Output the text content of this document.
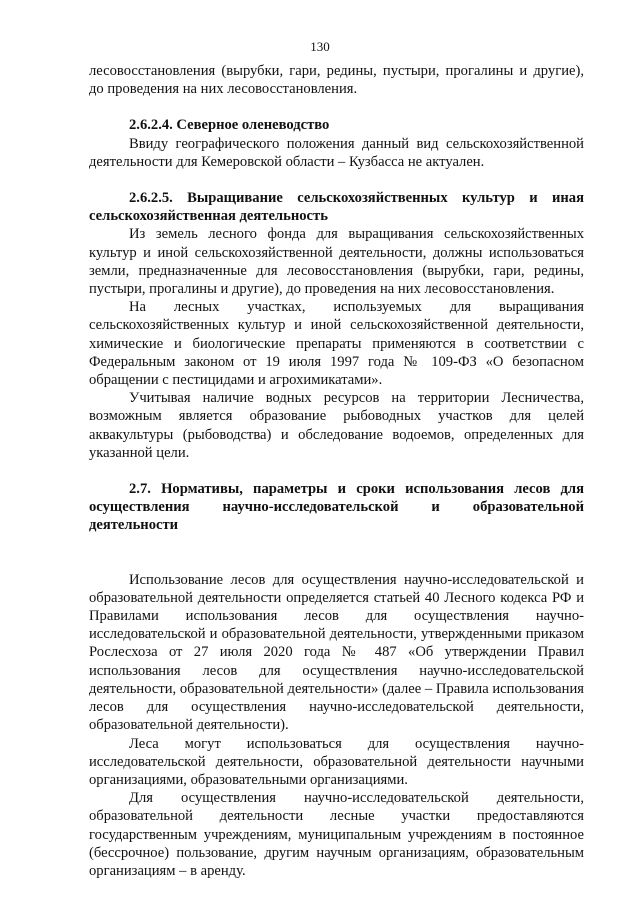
130

лесовосстановления (вырубки, гари, редины, пустыри, прогалины и другие), до проведения на них лесовосстановления.

2.6.2.4. Северное оленеводство

Ввиду географического положения данный вид сельскохозяйственной деятельности для Кемеровской области – Кузбасса не актуален.

2.6.2.5. Выращивание сельскохозяйственных культур и иная сельскохозяйственная деятельность

Из земель лесного фонда для выращивания сельскохозяйственных культур и иной сельскохозяйственной деятельности, должны использоваться земли, предназначенные для лесовосстановления (вырубки, гари, редины, пустыри, прогалины и другие), до проведения на них лесовосстановления.

На лесных участках, используемых для выращивания сельскохозяйственных культур и иной сельскохозяйственной деятельности, химические и биологические препараты применяются в соответствии с Федеральным законом от 19 июля 1997 года № 109-ФЗ «О безопасном обращении с пестицидами и агрохимикатами».

Учитывая наличие водных ресурсов на территории Лесничества, возможным является образование рыбоводных участков для целей аквакультуры (рыбоводства) и обследование водоемов, определенных для указанной цели.

2.7. Нормативы, параметры и сроки использования лесов для осуществления научно-исследовательской и образовательной деятельности

Использование лесов для осуществления научно-исследовательской и образовательной деятельности определяется статьей 40 Лесного кодекса РФ и Правилами использования лесов для осуществления научно-исследовательской и образовательной деятельности, утвержденными приказом Рослесхоза от 27 июля 2020 года № 487 «Об утверждении Правил использования лесов для осуществления научно-исследовательской деятельности, образовательной деятельности» (далее – Правила использования лесов для осуществления научно-исследовательской деятельности, образовательной деятельности).

Леса могут использоваться для осуществления научно-исследовательской деятельности, образовательной деятельности научными организациями, образовательными организациями.

Для осуществления научно-исследовательской деятельности, образовательной деятельности лесные участки предоставляются государственным учреждениям, муниципальным учреждениям в постоянное (бессрочное) пользование, другим научным организациям, образовательным организациям – в аренду.
